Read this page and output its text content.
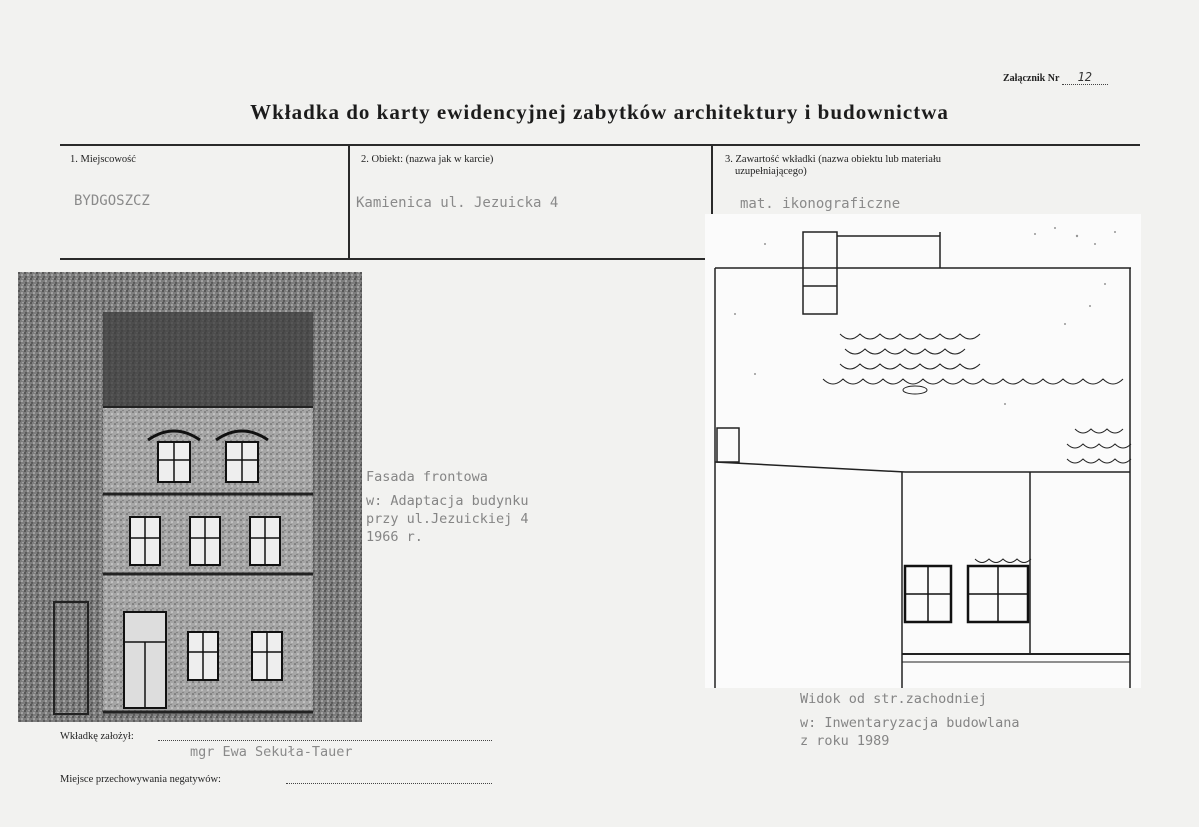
Załącznik Nr 12
Wkładka do karty ewidencyjnej zabytków architektury i budownictwa
1. Miejscowość
BYDGOSZCZ
2. Obiekt: (nazwa jak w karcie)
Kamienica ul. Jezuicka 4
3. Zawartość wkładki (nazwa obiektu lub materiału
uzupełniającego)
mat. ikonograficzne
Fasada frontowa
w: Adaptacja budynku
przy ul.Jezuickiej 4
1966 r.
Widok od str.zachodniej
w: Inwentaryzacja budowlana
z roku 1989
Wkładkę założył:
mgr Ewa Sekuła-Tauer
Miejsce przechowywania negatywów:
